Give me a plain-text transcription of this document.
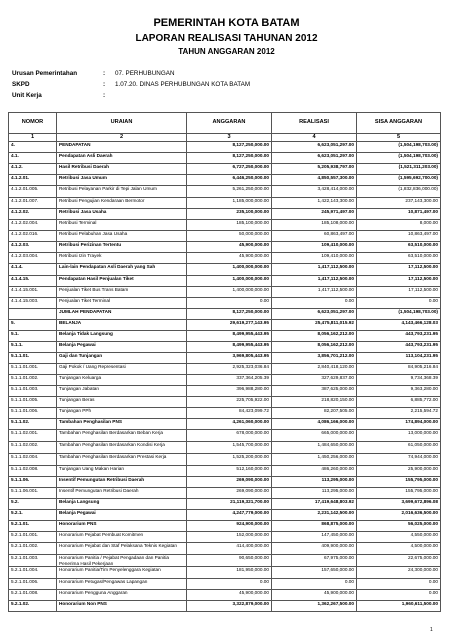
PEMERINTAH KOTA BATAM
LAPORAN REALISASI TAHUNAN 2012
TAHUN ANGGARAN 2012
Urusan Pemerintahan	: 07. PERHUBUNGAN
SKPD	: 1.07.20. DINAS PERHUBUNGAN KOTA BATAM
Unit Kerja	:
NOMOR	URAIAN	ANGGARAN	REALISASI	SISA ANGGARAN
1	2	3	4	5
4.	PENDAPATAN	8,127,250,000.00	6,623,051,297.00	(1,504,198,703.00)
4.1.	Pendapatan Asli Daerah	8,127,250,000.00	6,623,051,297.00	(1,504,198,703.00)
4.1.2.	Hasil Retribusi Daerah	6,727,250,000.00	5,205,938,797.00	(1,521,311,203.00)
4.1.2.01.	Retribusi Jasa Umum	6,446,250,000.00	4,850,557,300.00	(1,595,692,700.00)
4.1.2.01.005.	Retribusi Pelayanan Parkir di Tepi Jalan Umum	5,261,250,000.00	3,428,414,000.00	(1,832,836,000.00)
4.1.2.01.007.	Retribusi Pengujian Kendaraan Bermotor	1,185,000,000.00	1,422,143,300.00	237,143,300.00
4.1.2.02.	Retribusi Jasa Usaha	235,100,000.00	245,971,497.00	10,871,497.00
4.1.2.02.004.	Retribusi Terminal	185,100,000.00	185,108,000.00	8,000.00
4.1.2.02.016.	Retribusi Pelabuhan Jasa Usaha	50,000,000.00	60,863,497.00	10,863,497.00
4.1.2.03.	Retribusi Perizinan Tertentu	45,900,000.00	109,410,000.00	63,510,000.00
4.1.2.03.004.	Retribusi Izin Trayek	45,900,000.00	109,410,000.00	63,510,000.00
4.1.4.	Lain-lain Pendapatan Asli Daerah yang Sah	1,400,000,000.00	1,417,112,500.00	17,112,500.00
4.1.4.15.	Pendapatan Hasil Penjualan Tiket	1,400,000,000.00	1,417,112,500.00	17,112,500.00
4.1.4.15.001.	Penjualan Tiket Bus Trans Batam	1,400,000,000.00	1,417,112,500.00	17,112,500.00
4.1.4.15.003.	Penjualan Tiket Terminal	0.00	0.00	0.00
	JUMLAH PENDAPATAN	8,127,250,000.00	6,623,051,297.00	(1,504,198,703.00)
5.	BELANJA	29,619,277,143.95	25,475,811,015.92	4,143,466,128.03
5.1.	Belanja Tidak Langsung	8,499,955,443.95	8,056,162,212.00	443,793,231.95
5.1.1.	Belanja Pegawai	8,499,955,443.95	8,056,162,212.00	443,793,231.95
5.1.1.01.	Gaji dan Tunjangan	3,969,805,443.95	3,856,701,212.00	113,104,231.95
5.1.1.01.001.	Gaji Pokok / Uang Representasi	2,925,323,036.84	2,840,418,120.00	84,905,216.84
5.1.1.01.002.	Tunjangan Keluarga	337,364,205.39	327,629,837.00	9,734,368.39
5.1.1.01.003.	Tunjangan Jabatan	396,988,280.00	387,625,000.00	9,363,280.00
5.1.1.01.005.	Tunjangan Beras	225,705,922.00	218,820,150.00	6,885,772.00
5.1.1.01.006.	Tunjangan PPh	84,423,099.72	82,207,505.00	2,215,594.72
5.1.1.02.	Tambahan Penghasilan PNS	4,261,060,000.00	4,086,166,000.00	174,894,000.00
5.1.1.02.001.	Tambahan Penghasilan Berdasarkan Beban Kerja	678,000,000.00	665,000,000.00	13,000,000.00
5.1.1.02.002.	Tambahan Penghasilan Berdasarkan Kondisi Kerja	1,545,700,000.00	1,484,650,000.00	61,050,000.00
5.1.1.02.004.	Tambahan Penghasilan Berdasarkan Prestasi Kerja	1,525,200,000.00	1,450,256,000.00	74,944,000.00
5.1.1.02.008.	Tunjangan Uang Makan Harian	512,160,000.00	486,260,000.00	25,900,000.00
5.1.1.06.	Insentif Pemungutan Retribusi Daerah	269,090,000.00	113,295,000.00	155,795,000.00
5.1.1.06.001.	Insentif Pemungutan Retribusi Daerah	269,090,000.00	113,295,000.00	155,795,000.00
5.2.	Belanja Langsung	21,119,321,700.00	17,419,648,803.92	3,699,672,896.08
5.2.1.	Belanja Pegawai	4,247,779,000.00	2,231,142,500.00	2,016,636,500.00
5.2.1.01.	Honorarium PNS	924,900,000.00	868,875,000.00	56,025,000.00
5.2.1.01.001.	Honorarium Pejabat Pembuat Komitmen	152,000,000.00	147,450,000.00	4,550,000.00
5.2.1.01.002.	Honorarium Pejabat dan Staf Pelaksana Teknis Kegiatan	414,400,000.00	409,900,000.00	4,500,000.00
5.2.1.01.003.	Honorarium Panitia / Pejabat Pengadaan dan Panitia Penerima Hasil Pekerjaan	90,650,000.00	67,975,000.00	22,675,000.00
5.2.1.01.004.	Honorarium Panitia/Tim Penyelenggara Kegiatan	181,950,000.00	157,650,000.00	24,300,000.00
5.2.1.01.006.	Honorarium Petugas/Pengawas Lapangan	0.00	0.00	0.00
5.2.1.01.008.	Honorarium Pengguna Anggaran	45,900,000.00	45,900,000.00	0.00
5.2.1.02.	Honorarium Non PNS	3,322,879,000.00	1,362,267,500.00	1,960,611,500.00
1
